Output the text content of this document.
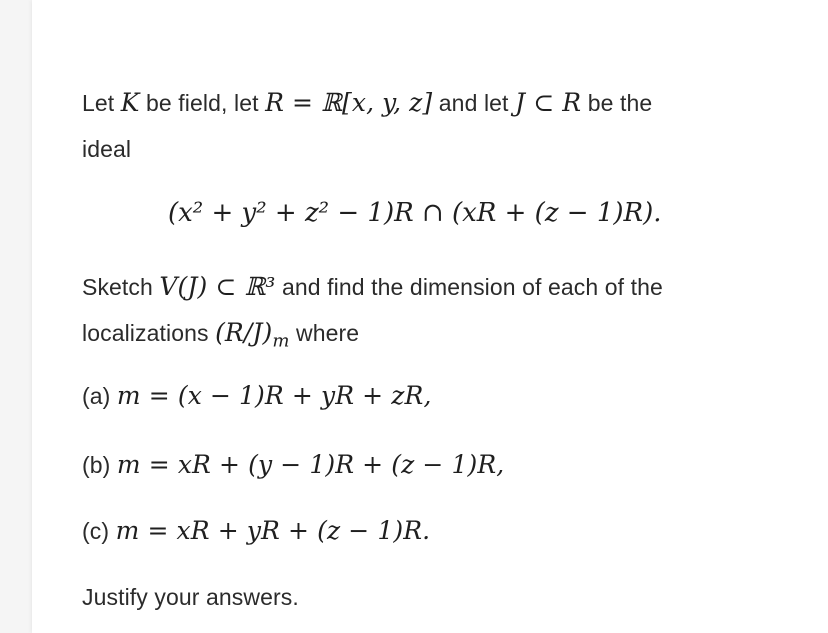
Let K be field, let R = ℝ[x, y, z] and let J ⊂ R be the
ideal
(x² + y² + z² − 1)R ∩ (xR + (z − 1)R).
Sketch V(J) ⊂ ℝ³ and find the dimension of each of the
localizations $(R/J)_m$ where
(a) m = (x − 1)R + yR + zR,
(b) m = xR + (y − 1)R + (z − 1)R,
(c) m = xR + yR + (z − 1)R.
Justify your answers.
